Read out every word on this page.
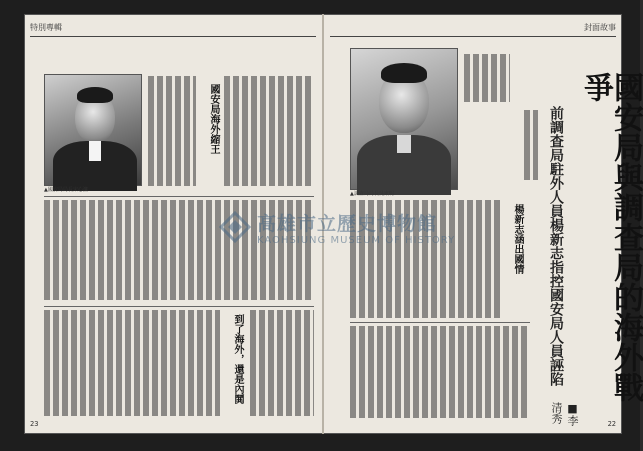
特別專輯
▲國安局局長宋心濂
國安局海外縮王
到了海外，還是內鬨
23
封面故事
▲調查局局長吳東明	國安局與調查局的海外戰爭
前調查局駐外人員楊新志指控國安局人員誣陷
■李清秀
楊新志涵出國情
22
高雄市立歷史博物館
KAOHSIUNG MUSEUM OF HISTORY
